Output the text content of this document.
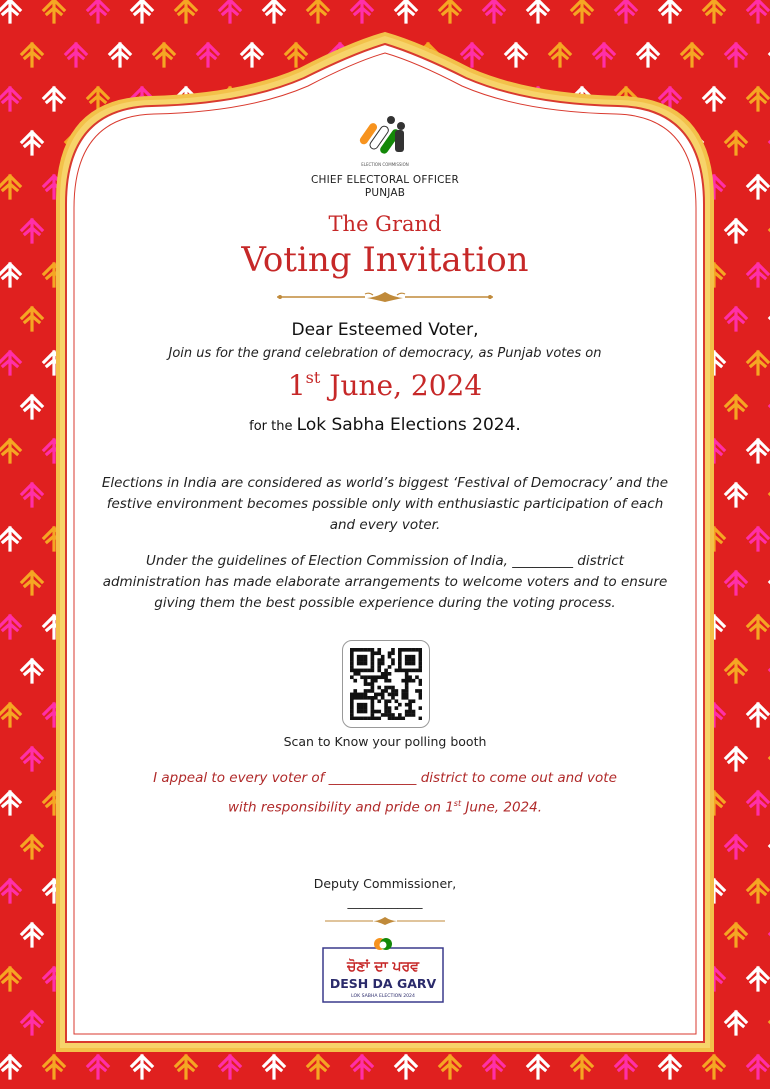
ELECTION COMMISSION
CHIEF ELECTORAL OFFICER
PUNJAB
The Grand
Voting Invitation
Dear Esteemed Voter,
Join us for the grand celebration of democracy, as Punjab votes on
1st June, 2024
for the Lok Sabha Elections 2024.
Elections in India are considered as world’s biggest ‘Festival of Democracy’ and the festive environment becomes possible only with enthusiastic participation of each and every voter.
Under the guidelines of Election Commission of India, _________ district administration has made elaborate arrangements to welcome voters and to ensure giving them the best possible experience during the voting process.
Scan to Know your polling booth
I appeal to every voter of _____________ district to come out and vote
with responsibility and pride on 1st June, 2024.
Deputy Commissioner,
____________
ਚੋਣਾਂ ਦਾ ਪਰਵ
DESH DA GARV
LOK SABHA ELECTION 2024
